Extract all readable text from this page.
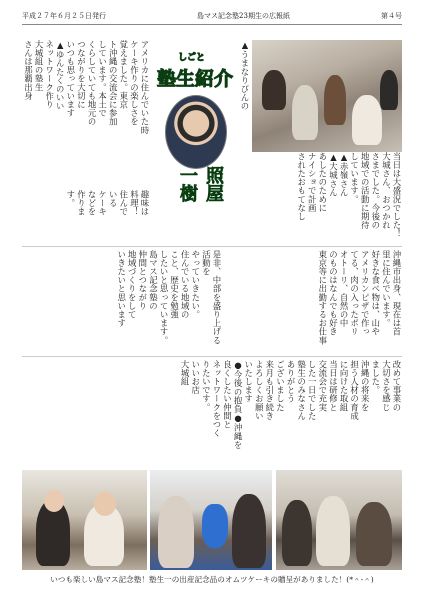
平成２７年６月２５日発行	島マス記念塾23期生の広報紙	第４号
アメリカに住んでいた時
ケーキ作りの楽しさを
覚えました。東京
ト沖縄の交流会に参加
しています。本土で
くらしていても地元の
つながりを大切に
いつも思っています
▲ゆんたくのいい
ネットワーク作り
大城組の塾生
さんは那覇出身
趣味は料理！住んでいる
ケーキなどを作ります。
しごと
塾生紹介
照屋一樹
▲うまなりびんの
当日は大盛況でした！
大城さん、おつかれ
さまでした。今後の
地域での活動に期待
しています。
▲赤嶺さん
▲大城さん
あしたのために
ナイショで計画
されたおもてなし
是非、中部を盛り上げる活動を
やっていきたい。
住んでいる地域の
こと、歴史を勉強
したいと思っています。
島マス記念塾の
仲間とつながり
地域づくりをして
いきたいと思います	沖縄市出身、現在は首
里に住んでいます。
好きな食べ物は、山や
アメリカンピザで作っ
てる、肉の入ったボリ
オトーリ、自然の中
のものはなんでも好き
東京等に出勤するお仕事
改めて事業の
大切さを感じ
ました。
沖縄の将来を
担う人材の育成
に向けた取組
当日は研修と
交流会で充実
した一日でした
塾生のみなさん
ありがとう
ございました
来月も引き続き
よろしくお願い
いたします
●今後の抱負●沖縄を
良くしたい仲間と
ネットワークをつく
りたいです。
いいお店
大城組
いつも楽しい島マス記念塾！塾生一の出産記念品のオムツケーキの贈呈がありました！(*＾-＾)
